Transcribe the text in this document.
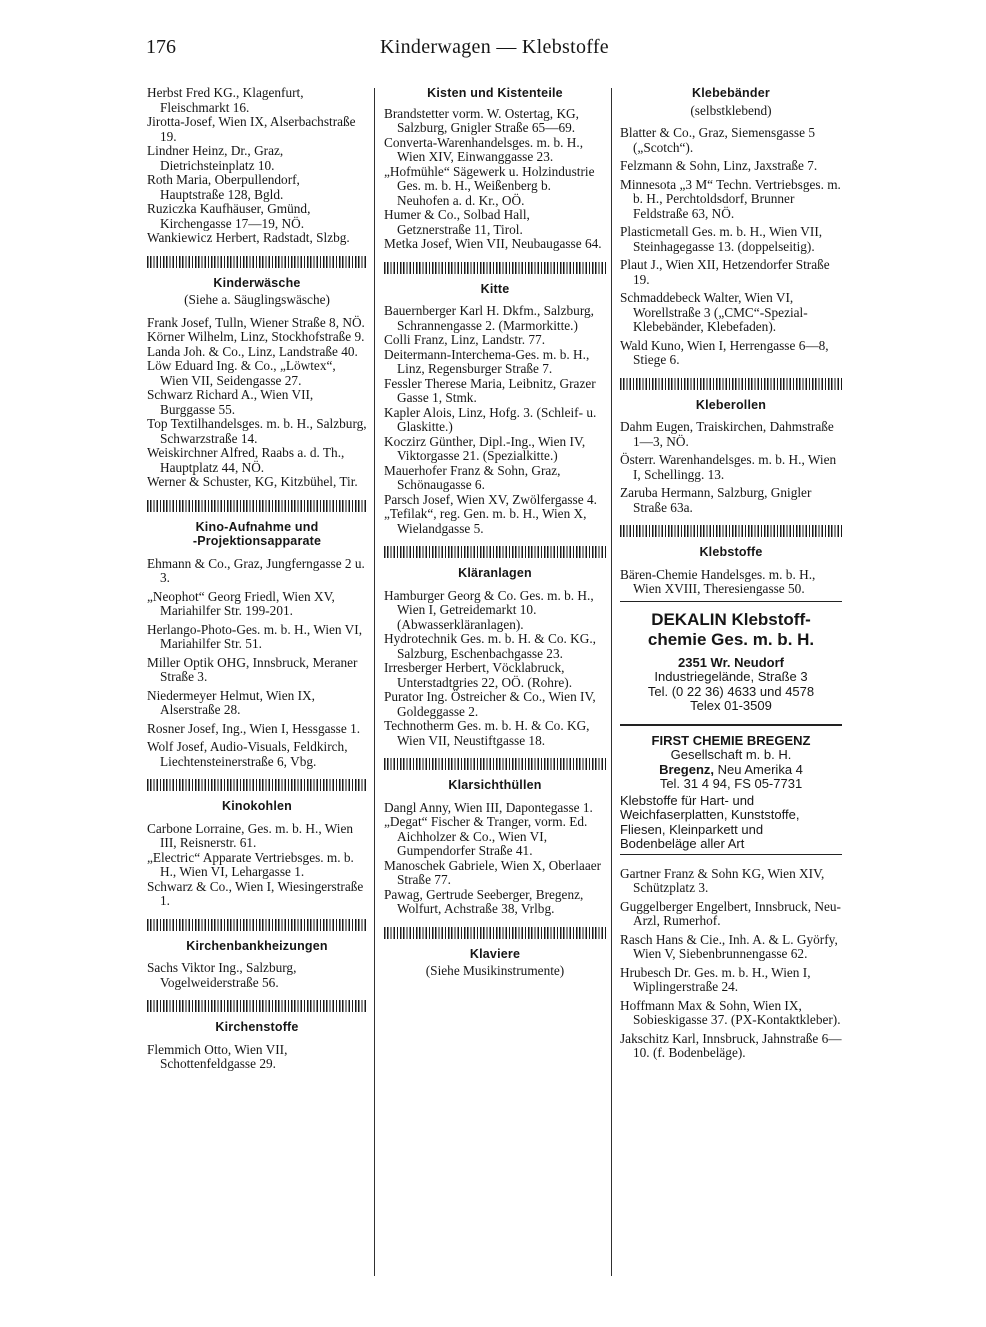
176	Kinderwagen — Klebstoffe

Herbst Fred KG., Klagenfurt, Fleischmarkt 16.

Jirotta-Josef, Wien IX, Alserbachstraße 19.

Lindner Heinz, Dr., Graz, Dietrichsteinplatz 10.

Roth Maria, Oberpullendorf, Hauptstraße 128, Bgld.

Ruziczka Kaufhäuser, Gmünd, Kirchengasse 17—19, NÖ.

Wankiewicz Herbert, Radstadt, Slzbg.

Kinderwäsche
(Siehe a. Säuglingswäsche)

Frank Josef, Tulln, Wiener Straße 8, NÖ.

Körner Wilhelm, Linz, Stockhofstraße 9.

Landa Joh. & Co., Linz, Landstraße 40.

Löw Eduard Ing. & Co., „Löwtex“, Wien VII, Seidengasse 27.

Schwarz Richard A., Wien VII, Burggasse 55.

Top Textilhandelsges. m. b. H., Salzburg, Schwarzstraße 14.

Weiskirchner Alfred, Raabs a. d. Th., Hauptplatz 44, NÖ.

Werner & Schuster, KG, Kitzbühel, Tir.

Kino-Aufnahme und
-Projektionsapparate

Ehmann & Co., Graz, Jungferngasse 2 u. 3.

„Neophot“ Georg Friedl, Wien XV, Mariahilfer Str. 199-201.

Herlango-Photo-Ges. m. b. H., Wien VI, Mariahilfer Str. 51.

Miller Optik OHG, Innsbruck, Meraner Straße 3.

Niedermeyer Helmut, Wien IX, Alserstraße 28.

Rosner Josef, Ing., Wien I, Hessgasse 1.

Wolf Josef, Audio-Visuals, Feldkirch, Liechtensteinerstraße 6, Vbg.

Kinokohlen

Carbone Lorraine, Ges. m. b. H., Wien III, Reisnerstr. 61.

„Electric“ Apparate Vertriebsges. m. b. H., Wien VI, Lehargasse 1.

Schwarz & Co., Wien I, Wiesingerstraße 1.

Kirchenbankheizungen

Sachs Viktor Ing., Salzburg, Vogelweiderstraße 56.

Kirchenstoffe

Flemmich Otto, Wien VII, Schottenfeldgasse 29.

Kisten und Kistenteile

Brandstetter vorm. W. Ostertag, KG, Salzburg, Gnigler Straße 65—69.

Converta-Warenhandelsges. m. b. H., Wien XIV, Einwanggasse 23.

„Hofmühle“ Sägewerk u. Holzindustrie Ges. m. b. H., Weißenberg b. Neuhofen a. d. Kr., OÖ.

Humer & Co., Solbad Hall, Getznerstraße 11, Tirol.

Metka Josef, Wien VII, Neubaugasse 64.

Kitte

Bauernberger Karl H. Dkfm., Salzburg, Schrannengasse 2. (Marmorkitte.)

Colli Franz, Linz, Landstr. 77.

Deitermann-Interchema-Ges. m. b. H., Linz, Regensburger Straße 7.

Fessler Therese Maria, Leibnitz, Grazer Gasse 1, Stmk.

Kapler Alois, Linz, Hofg. 3. (Schleif- u. Glaskitte.)

Koczirz Günther, Dipl.-Ing., Wien IV, Viktorgasse 21. (Spezialkitte.)

Mauerhofer Franz & Sohn, Graz, Schönaugasse 6.

Parsch Josef, Wien XV, Zwölfergasse 4.

„Tefilak“, reg. Gen. m. b. H., Wien X, Wielandgasse 5.

Kläranlagen

Hamburger Georg & Co. Ges. m. b. H., Wien I, Getreidemarkt 10. (Abwasserkläranlagen).

Hydrotechnik Ges. m. b. H. & Co. KG., Salzburg, Eschenbachgasse 23.

Irresberger Herbert, Vöcklabruck, Unterstadtgries 22, OÖ. (Rohre).

Purator Ing. Östreicher & Co., Wien IV, Goldeggasse 2.

Technotherm Ges. m. b. H. & Co. KG, Wien VII, Neustiftgasse 18.

Klarsichthüllen

Dangl Anny, Wien III, Dapontegasse 1.

„Degat“ Fischer & Tranger, vorm. Ed. Aichholzer & Co., Wien VI, Gumpendorfer Straße 41.

Manoschek Gabriele, Wien X, Oberlaaer Straße 77.

Pawag, Gertrude Seeberger, Bregenz, Wolfurt, Achstraße 38, Vrlbg.

Klaviere
(Siehe Musikinstrumente)
Klebebänder
(selbstklebend)

Blatter & Co., Graz, Siemensgasse 5 („Scotch“).

Felzmann & Sohn, Linz, Jaxstraße 7.

Minnesota „3 M“ Techn. Vertriebsges. m. b. H., Perchtoldsdorf, Brunner Feldstraße 63, NÖ.

Plasticmetall Ges. m. b. H., Wien VII, Steinhagegasse 13. (doppelseitig).

Plaut J., Wien XII, Hetzendorfer Straße 19.

Schmaddebeck Walter, Wien VI, Worellstraße 3 („CMC“-Spezial-Klebebänder, Klebefaden).

Wald Kuno, Wien I, Herrengasse 6—8, Stiege 6.

Kleberollen

Dahm Eugen, Traiskirchen, Dahmstraße 1—3, NÖ.

Österr. Warenhandelsges. m. b. H., Wien I, Schellingg. 13.

Zaruba Hermann, Salzburg, Gnigler Straße 63a.

Klebstoffe

Bären-Chemie Handelsges. m. b. H., Wien XVIII, Theresiengasse 50.

DEKALIN Klebstoff-
chemie Ges. m. b. H.
2351 Wr. Neudorf
Industriegelände, Straße 3
Tel. (0 22 36) 4633 und 4578
Telex 01-3509
FIRST CHEMIE BREGENZ
Gesellschaft m. b. H.
Bregenz, Neu Amerika 4
Tel. 31 4 94, FS 05-7731
Klebstoffe für Hart- und Weichfaserplatten, Kunststoffe, Fliesen, Kleinparkett und Bodenbeläge aller Art

Gartner Franz & Sohn KG, Wien XIV, Schützplatz 3.

Guggelberger Engelbert, Innsbruck, Neu-Arzl, Rumerhof.

Rasch Hans & Cie., Inh. A. & L. Györfy, Wien V, Siebenbrunnengasse 62.

Hrubesch Dr. Ges. m. b. H., Wien I, Wiplingerstraße 24.

Hoffmann Max & Sohn, Wien IX, Sobieskigasse 37. (PX-Kontaktkleber).

Jakschitz Karl, Innsbruck, Jahnstraße 6—10. (f. Bodenbeläge).
